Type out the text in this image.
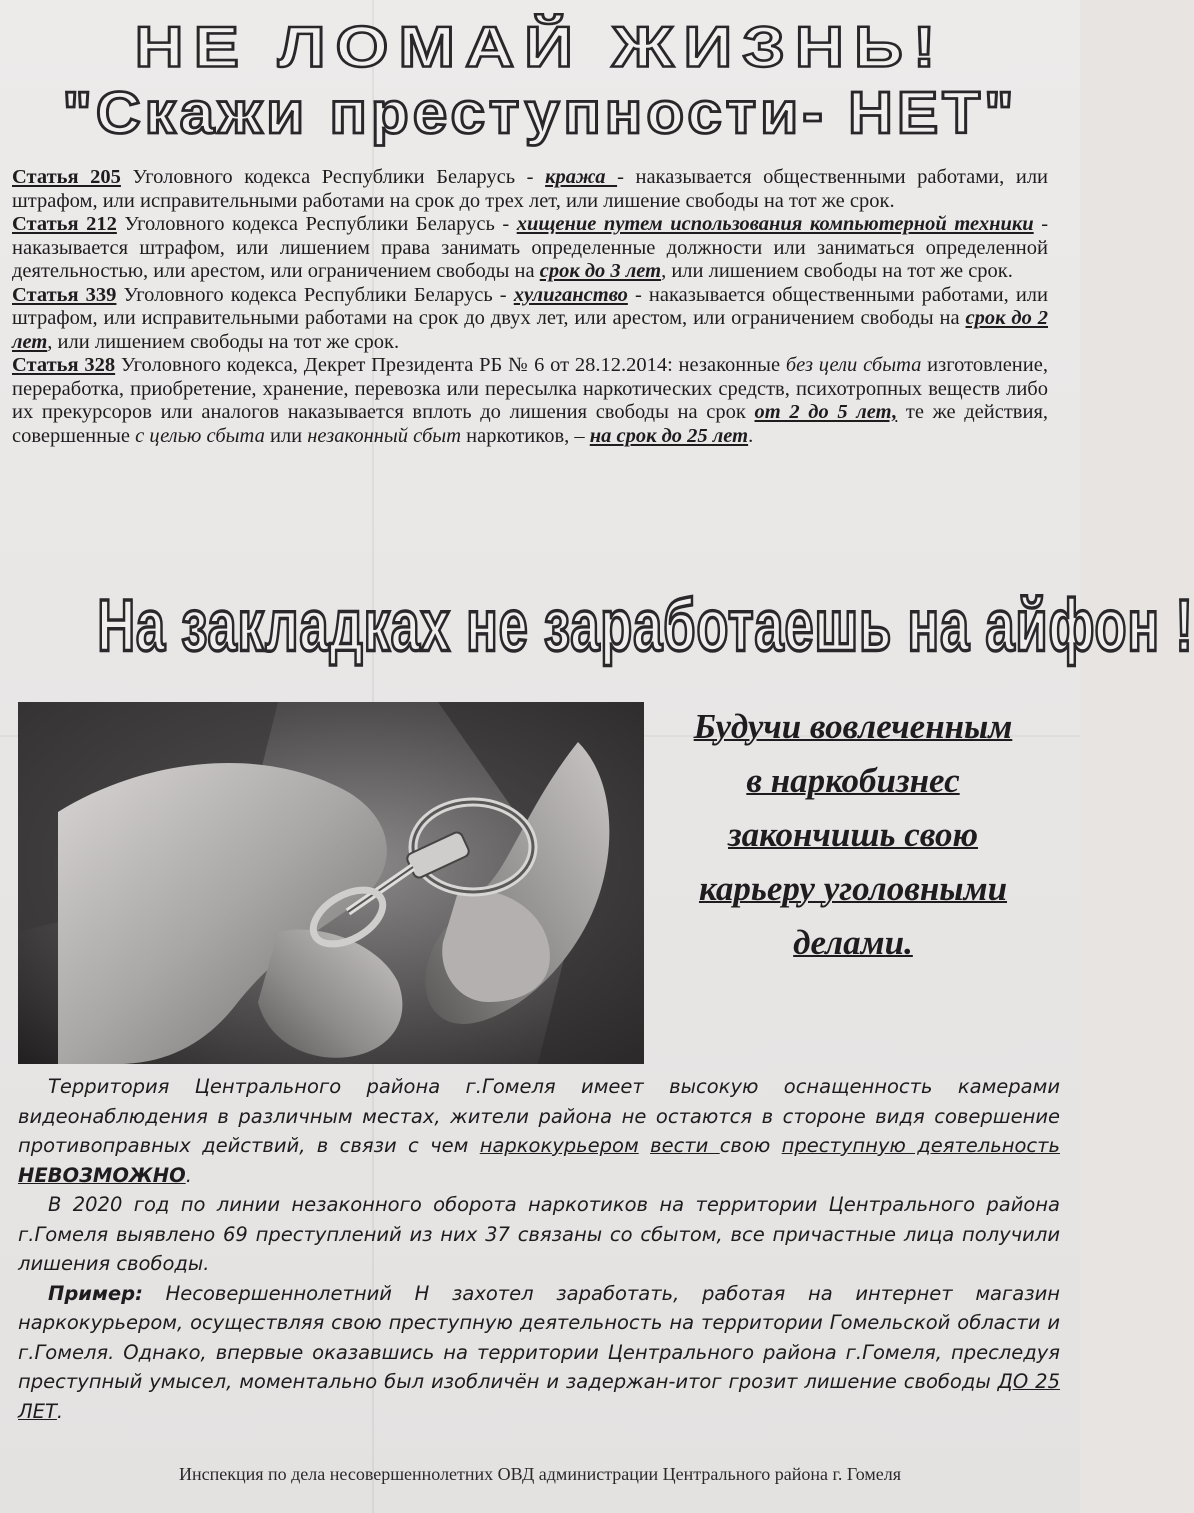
НЕ ЛОМАЙ ЖИЗНЬ!
"Скажи преступности- НЕТ"

Статья 205 Уголовного кодекса Республики Беларусь - кража - наказывается общественными работами, или штрафом, или исправительными работами на срок до трех лет, или лишение свободы на тот же срок.

Статья 212 Уголовного кодекса Республики Беларусь - хищение путем использования компьютерной техники - наказывается штрафом, или лишением права занимать определенные должности или заниматься определенной деятельностью, или арестом, или ограничением свободы на срок до 3 лет, или лишением свободы на тот же срок.

Статья 339 Уголовного кодекса Республики Беларусь - хулиганство - наказывается общественными работами, или штрафом, или исправительными работами на срок до двух лет, или арестом, или ограничением свободы на срок до 2 лет, или лишением свободы на тот же срок.

Статья 328 Уголовного кодекса, Декрет Президента РБ № 6 от 28.12.2014: незаконные без цели сбыта изготовление, переработка, приобретение, хранение, перевозка или пересылка наркотических средств, психотропных веществ либо их прекурсоров или аналогов наказывается вплоть до лишения свободы на срок от 2 до 5 лет, те же действия, совершенные с целью сбыта или незаконный сбыт наркотиков, – на срок до 25 лет.

На закладках не заработаешь на айфон !
Будучи вовлеченным
в наркобизнес
закончишь свою
карьеру уголовными
делами.

Территория Центрального района г.Гомеля имеет высокую оснащенность камерами видеонаблюдения в различным местах, жители района не остаются в стороне видя совершение противоправных действий, в связи с чем наркокурьером вести свою преступную деятельность НЕВОЗМОЖНО.

В 2020 год по линии незаконного оборота наркотиков на территории Центрального района г.Гомеля выявлено 69 преступлений из них 37 связаны со сбытом, все причастные лица получили лишения свободы.

Пример: Несовершеннолетний Н захотел заработать, работая на интернет магазин наркокурьером, осуществляя свою преступную деятельность на территории Гомельской области и г.Гомеля. Однако, впервые оказавшись на территории Центрального района г.Гомеля, преследуя преступный умысел, моментально был изобличён и задержан-итог грозит лишение свободы ДО 25 ЛЕТ.

Инспекция по дела несовершеннолетних ОВД администрации Центрального района г. Гомеля
